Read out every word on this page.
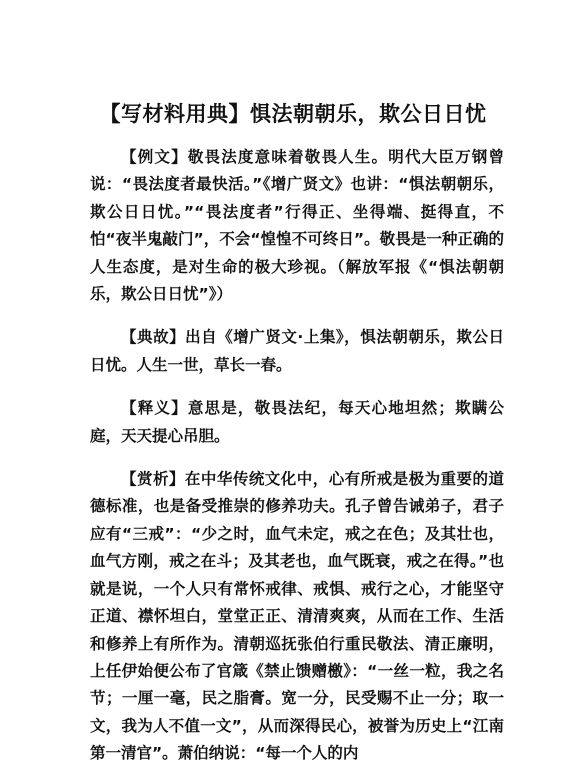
【写材料用典】惧法朝朝乐，欺公日日忧

【例文】敬畏法度意味着敬畏人生。明代大臣万钢曾说：“畏法度者最快活。”《增广贤文》也讲：“惧法朝朝乐，欺公日日忧。”“畏法度者”行得正、坐得端、挺得直，不怕“夜半鬼敲门”，不会“惶惶不可终日”。敬畏是一种正确的人生态度，是对生命的极大珍视。（解放军报《“惧法朝朝乐，欺公日日忧”》）

【典故】出自《增广贤文·上集》，惧法朝朝乐，欺公日日忧。人生一世，草长一春。

【释义】意思是，敬畏法纪，每天心地坦然；欺瞒公庭，天天提心吊胆。

【赏析】在中华传统文化中，心有所戒是极为重要的道德标准，也是备受推崇的修养功夫。孔子曾告诫弟子，君子应有“三戒”：“少之时，血气未定，戒之在色；及其壮也，血气方刚，戒之在斗；及其老也，血气既衰，戒之在得。”也就是说，一个人只有常怀戒律、戒惧、戒行之心，才能坚守正道、襟怀坦白，堂堂正正、清清爽爽，从而在工作、生活和修养上有所作为。清朝巡抚张伯行重民敬法、清正廉明，上任伊始便公布了官箴《禁止馈赠檄》：“一丝一粒，我之名节；一厘一毫，民之脂膏。宽一分，民受赐不止一分；取一文，我为人不值一文”，从而深得民心，被誉为历史上“江南第一清官”。萧伯纳说：“每一个人的内
